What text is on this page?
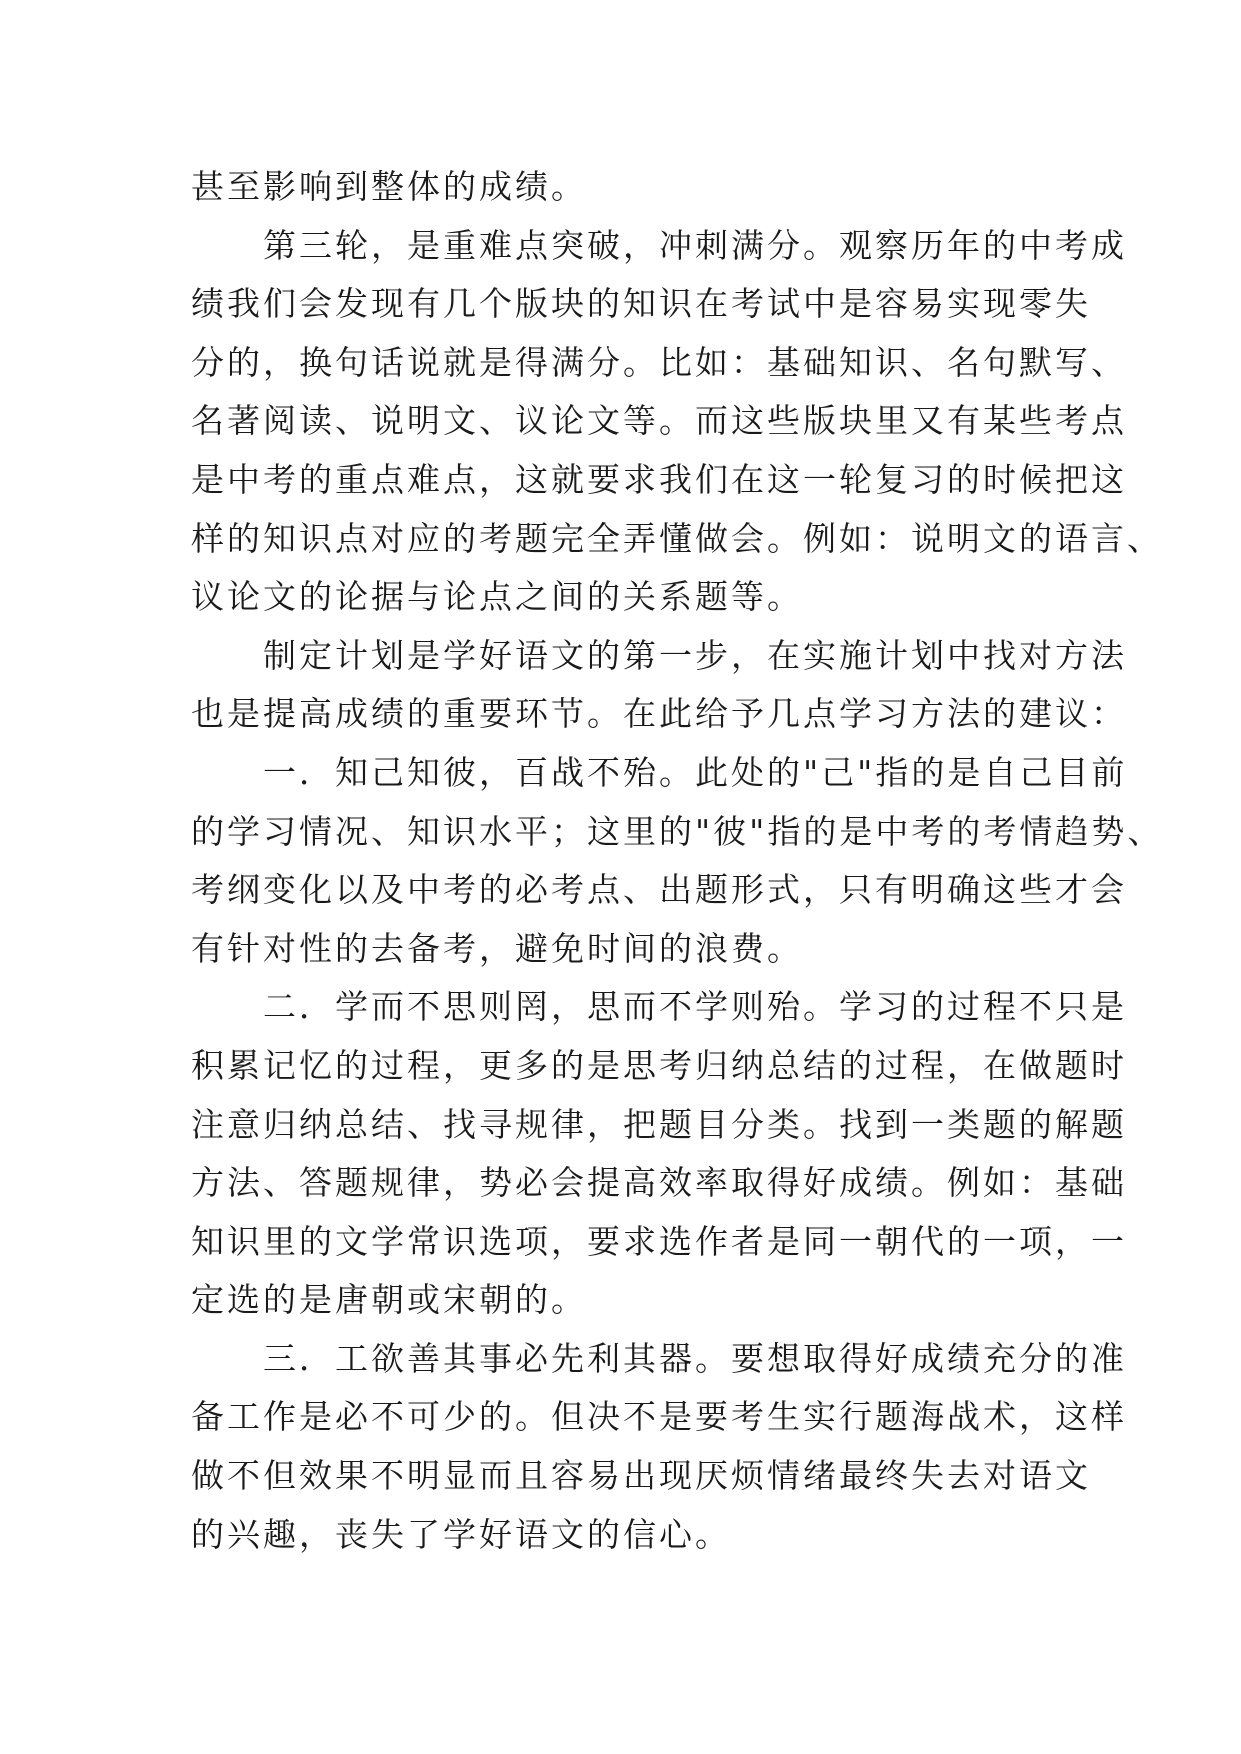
甚至影响到整体的成绩。
第三轮，是重难点突破，冲刺满分。观察历年的中考成
绩我们会发现有几个版块的知识在考试中是容易实现零失
分的，换句话说就是得满分。比如：基础知识、名句默写、
名著阅读、说明文、议论文等。而这些版块里又有某些考点
是中考的重点难点，这就要求我们在这一轮复习的时候把这
样的知识点对应的考题完全弄懂做会。例如：说明文的语言、
议论文的论据与论点之间的关系题等。
制定计划是学好语文的第一步，在实施计划中找对方法
也是提高成绩的重要环节。在此给予几点学习方法的建议：
一．知己知彼，百战不殆。此处的"己"指的是自己目前
的学习情况、知识水平；这里的"彼"指的是中考的考情趋势、
考纲变化以及中考的必考点、出题形式，只有明确这些才会
有针对性的去备考，避免时间的浪费。
二．学而不思则罔，思而不学则殆。学习的过程不只是
积累记忆的过程，更多的是思考归纳总结的过程，在做题时
注意归纳总结、找寻规律，把题目分类。找到一类题的解题
方法、答题规律，势必会提高效率取得好成绩。例如：基础
知识里的文学常识选项，要求选作者是同一朝代的一项，一
定选的是唐朝或宋朝的。
三．工欲善其事必先利其器。要想取得好成绩充分的准
备工作是必不可少的。但决不是要考生实行题海战术，这样
做不但效果不明显而且容易出现厌烦情绪最终失去对语文
的兴趣，丧失了学好语文的信心。
